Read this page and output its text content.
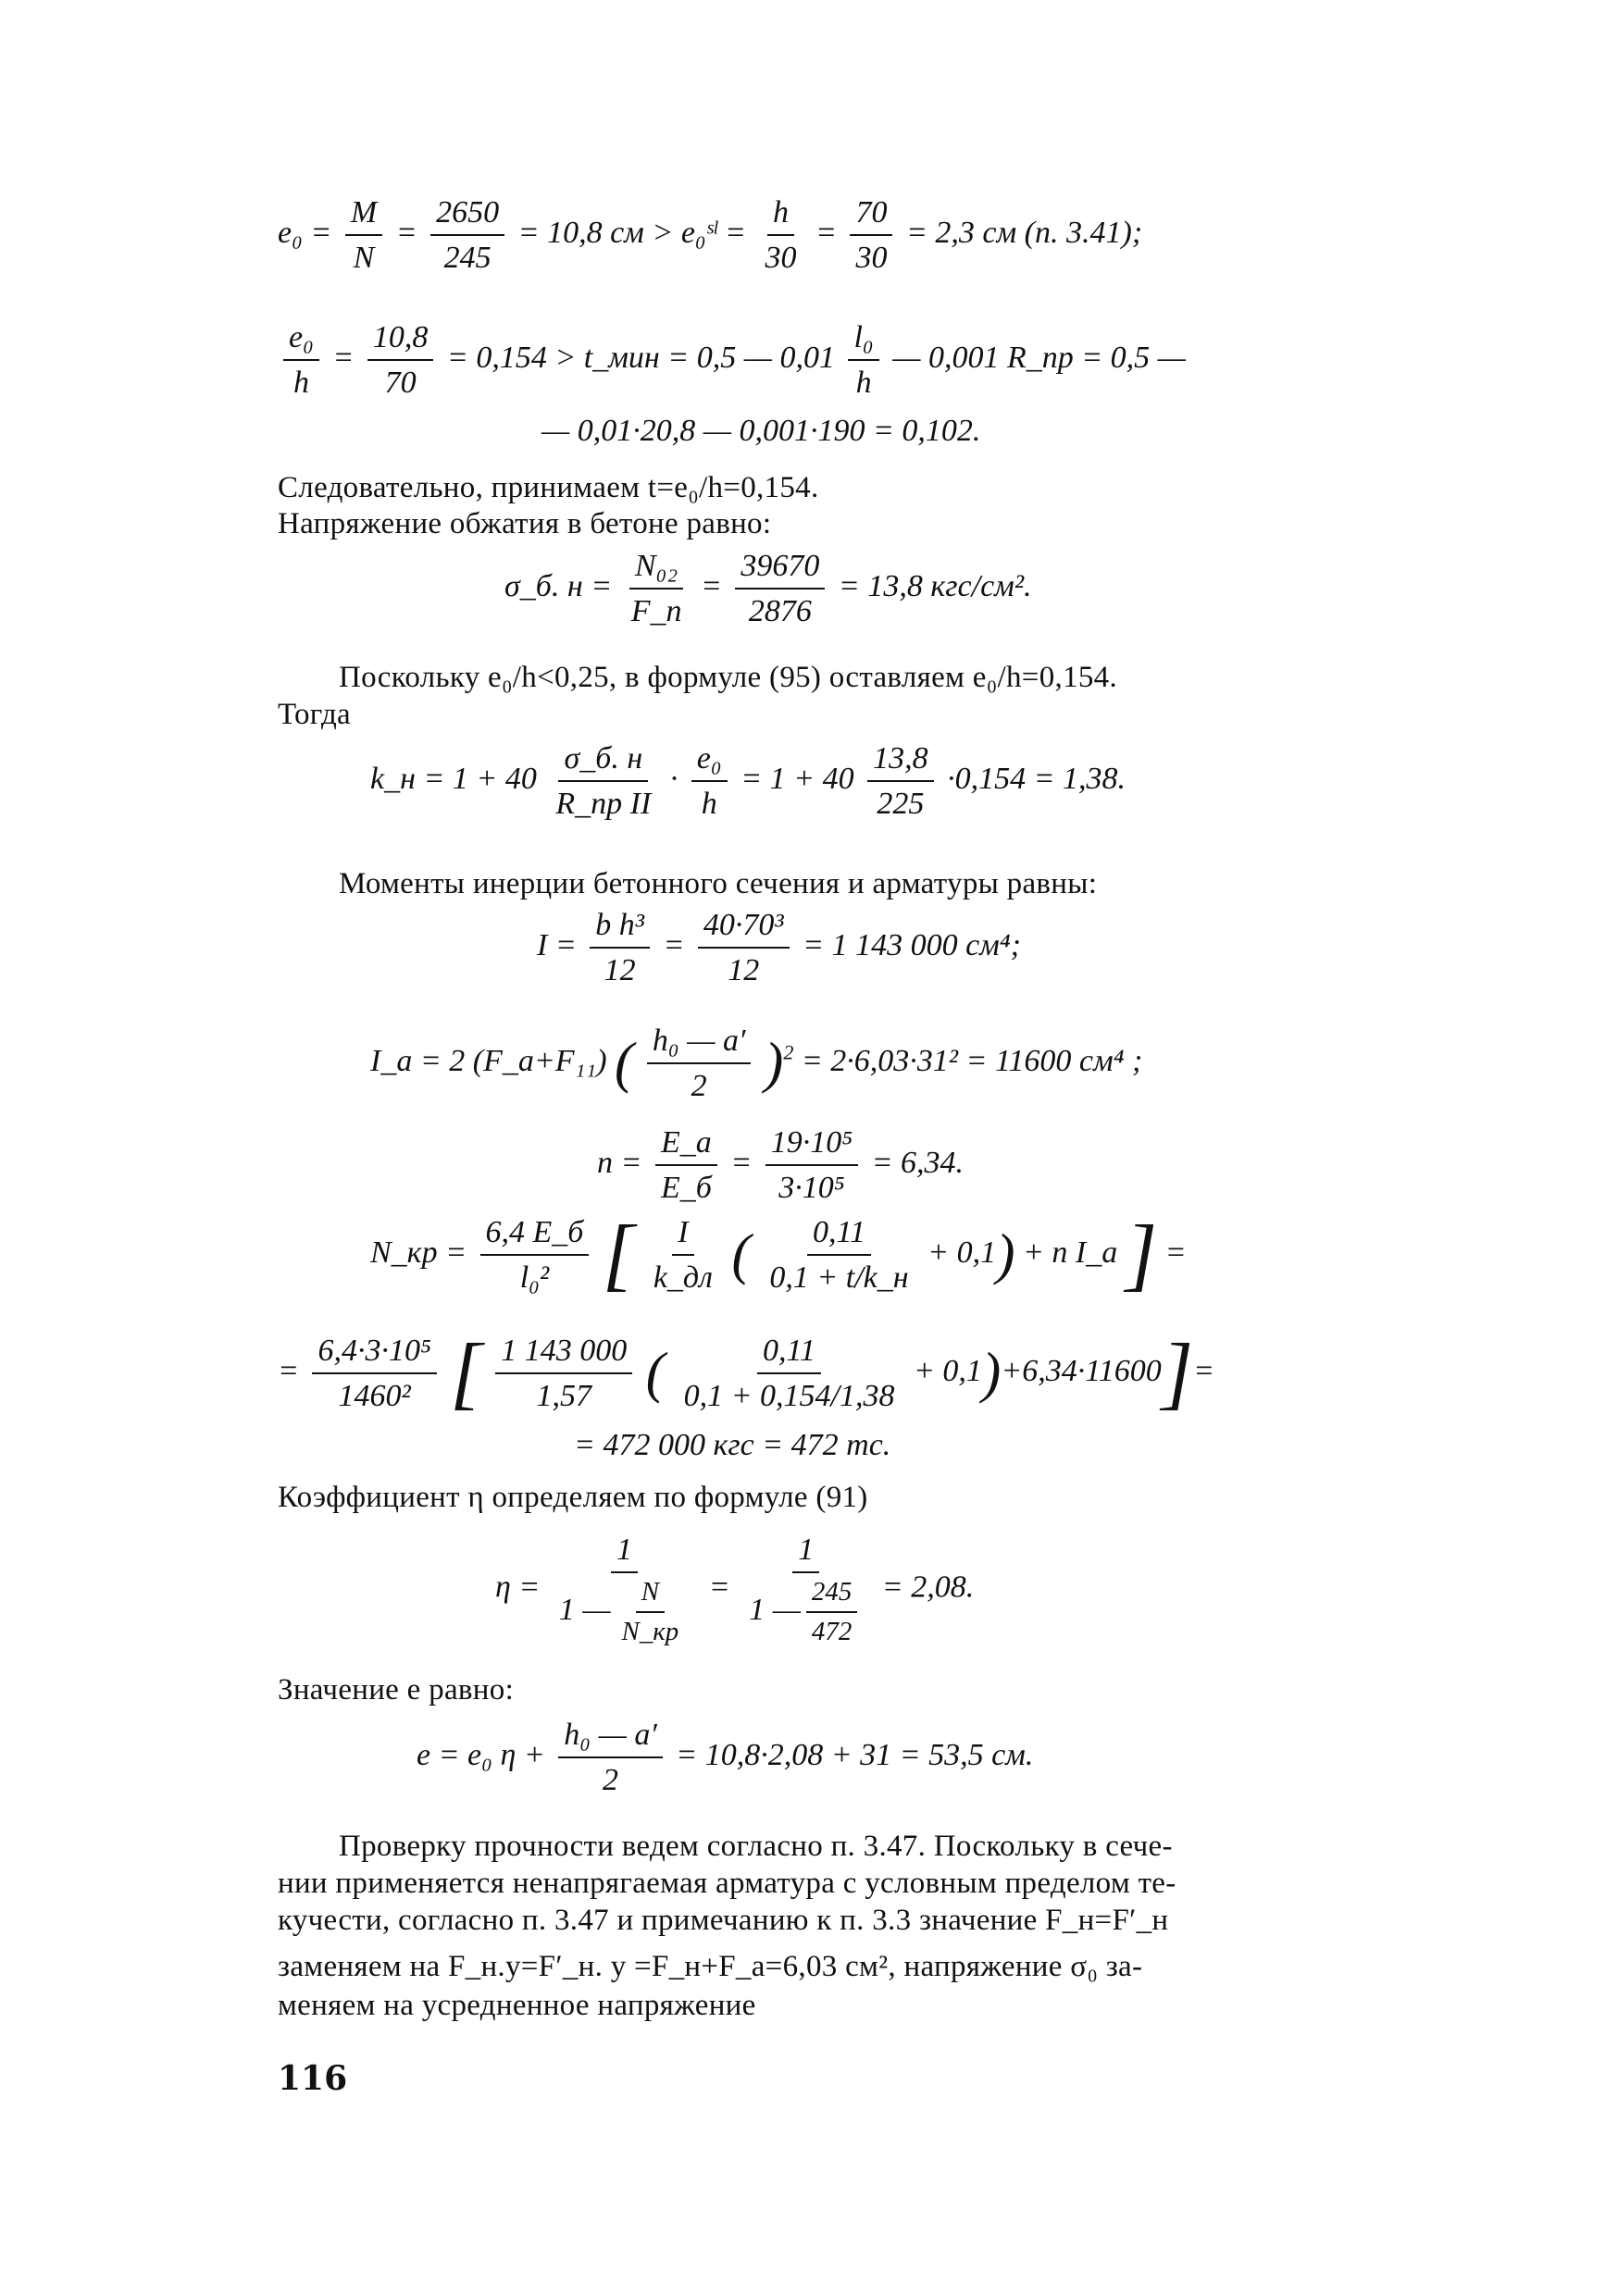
$e_0 = \frac{M}{N} = \frac{2650}{245} = 10,8$ см > e₀ˢˡ = $\frac{h}{30} = \frac{70}{30} = 2,3$ см (п. 3.41);
$\frac{\text{e₀}}{h} = \frac{10,8}{70} = 0,154$ > t_мин = 0,5 — $0,01 \frac{\text{l₀}}{h}$ — 0,001 R_пр = 0,5 —
— 0,01·20,8 — 0,001·190 = 0,102.
Следовательно, принимаем t=e₀/h=0,154.
Напряжение обжатия в бетоне равно:
σ_б. $н = \frac{\text{N₀₂}}{F\_п} = \frac{39670}{2876} = 13,8$ кгс/см².
Поскольку e₀/h<0,25, в формуле (95) оставляем e₀/h=0,154.
Тогда
k_н = $1 + 40 \frac{\sigma\_б. н}{\text{R\_пр II}} \cdot \frac{\text{e₀}}{h} = 1 + 40 \frac{13,8}{225} \cdot 0,154 = 1,38$.
Моменты инерции бетонного сечения и арматуры равны:
$I = \frac{\text{b h³}}{12} = \frac{\text{40·70³}}{12} = 1$ 143 000 см⁴;
I_а = 2 (F_а+F₁₁) ( $\frac{\text{h₀ — a′}}{2} )^2 = 2\cdot 6,03\cdot 31^2 = 11600$ см⁴ ;
$n = \frac{E\_а}{E\_б} = \frac{\text{19·10⁵}}{\text{3·10⁵}} = 6,34$.
N_кр = $\frac{6,4 E\_б}{\text{l₀²}}$ [ $\frac{I}{k\_дл}$ ( $\frac{0,11}{0,1 + t/k\_н} + 0,1) + n$ I_а ] =
= $\frac{\text{6,4·3·10⁵}}{\text{1460²}}$ [ $\frac{1 143 000}{1,57}$ ( $\frac{0,11}{0,1 + 0,154/1,38} + 0,1)+6,34\cdot 11600]=$
= 472 000 кгс = 472 тс.
Коэффициент η определяем по формуле (91)
$\eta = \frac{1}{1 — \frac{N}{N\_кр}} = \frac{1}{1 — \frac{245}{472}} = 2,08$.
Значение e равно:
e = e₀ $\eta + \frac{\text{h₀ — a′}}{2} = 10,8\cdot 2,08 + 31 = 53,5$ см.
Проверку прочности ведем согласно п. 3.47. Поскольку в сече-
нии применяется ненапрягаемая арматура с условным пределом те-
кучести, согласно п. 3.47 и примечанию к п. 3.3 значение F_н=F′_н
заменяем на F_н.у=F′_н. у =F_н+F_а=6,03 см², напряжение σ₀ за-
меняем на усредненное напряжение
116
